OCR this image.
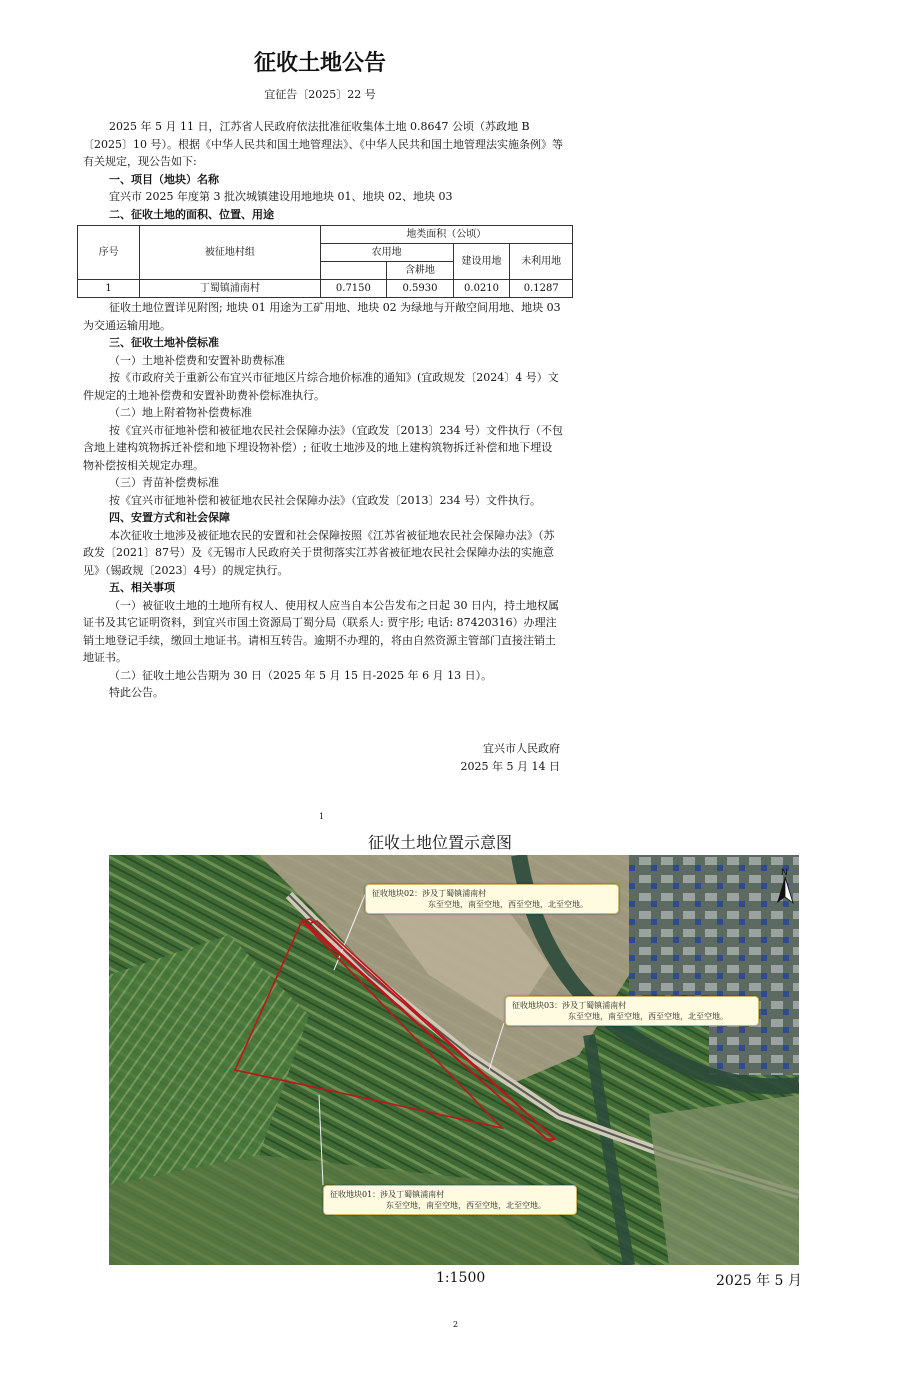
征收土地公告
宜征告〔2025〕22 号

2025 年 5 月 11 日，江苏省人民政府依法批准征收集体土地 0.8647 公顷（苏政地 B〔2025〕10 号）。根据《中华人民共和国土地管理法》、《中华人民共和国土地管理法实施条例》等有关规定，现公告如下:

一、项目（地块）名称

宜兴市 2025 年度第 3 批次城镇建设用地地块 01、地块 02、地块 03

二、征收土地的面积、位置、用途

序号	被征地村组	地类面积（公顷）			
		农用地		建设用地	未利用地
			含耕地		
1	丁蜀镇浦南村	0.7150	0.5930	0.0210	0.1287

征收土地位置详见附图; 地块 01 用途为工矿用地、地块 02 为绿地与开敞空间用地、地块 03 为交通运输用地。

三、征收土地补偿标准

（一）土地补偿费和安置补助费标准

按《市政府关于重新公布宜兴市征地区片综合地价标准的通知》(宜政规发〔2024〕4 号）文件规定的土地补偿费和安置补助费补偿标准执行。

（二）地上附着物补偿费标准

按《宜兴市征地补偿和被征地农民社会保障办法》（宜政发〔2013〕234 号）文件执行（不包含地上建构筑物拆迁补偿和地下埋设物补偿）; 征收土地涉及的地上建构筑物拆迁补偿和地下埋设物补偿按相关规定办理。

（三）青苗补偿费标准

按《宜兴市征地补偿和被征地农民社会保障办法》（宜政发〔2013〕234 号）文件执行。

四、安置方式和社会保障

本次征收土地涉及被征地农民的安置和社会保障按照《江苏省被征地农民社会保障办法》（苏政发〔2021〕87号）及《无锡市人民政府关于贯彻落实江苏省被征地农民社会保障办法的实施意见》（锡政规〔2023〕4号）的规定执行。

五、相关事项

（一）被征收土地的土地所有权人、使用权人应当自本公告发布之日起 30 日内，持土地权属证书及其它证明资料，到宜兴市国土资源局丁蜀分局（联系人: 贾宇彤; 电话: 87420316）办理注销土地登记手续，缴回土地证书。请相互转告。逾期不办理的，将由自然资源主管部门直接注销土地证书。

（二）征收土地公告期为 30 日（2025 年 5 月 15 日-2025 年 6 月 13 日）。

特此公告。

宜兴市人民政府
2025 年 5 月 14 日
1
征收土地位置示意图
N
征收地块02：涉及丁蜀镇浦南村
东至空地，南至空地，西至空地，北至空地。
征收地块03：涉及丁蜀镇浦南村
东至空地，南至空地，西至空地，北至空地。
征收地块01：涉及丁蜀镇浦南村
东至空地，南至空地，西至空地，北至空地。
1:1500	2025 年 5 月
2
